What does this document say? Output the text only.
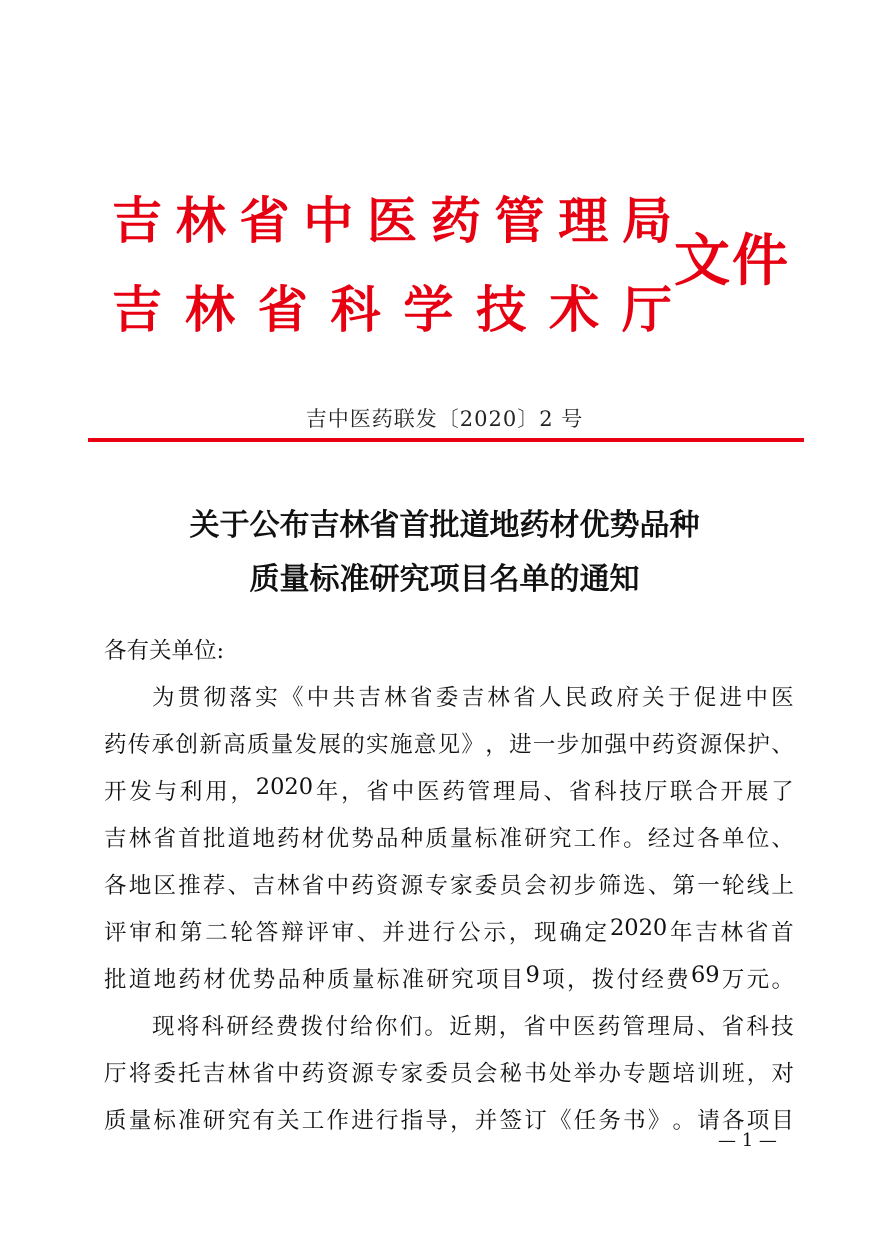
吉 林 省 中 医 药 管 理 局
吉 林 省 科 学 技 术 厅
文件
吉中医药联发〔2020〕2 号
关于公布吉林省首批道地药材优势品种
质量标准研究项目名单的通知
各有关单位:
为 贯 彻 落 实 《 中 共 吉 林 省 委 吉 林 省 人 民 政 府 关 于 促 进 中 医
药 传 承 创 新 高 质 量 发 展 的 实 施 意 见 》 ， 进 一 步 加 强 中 药 资 源 保 护 、
开 发 与 利 用 ， 2020 年 ， 省 中 医 药 管 理 局 、 省 科 技 厅 联 合 开 展 了
吉 林 省 首 批 道 地 药 材 优 势 品 种 质 量 标 准 研 究 工 作 。 经 过 各 单 位 、
各 地 区 推 荐 、 吉 林 省 中 药 资 源 专 家 委 员 会 初 步 筛 选 、 第 一 轮 线 上
评 审 和 第 二 轮 答 辩 评 审 、 并 进 行 公 示 ， 现 确 定 2020 年 吉 林 省 首
批 道 地 药 材 优 势 品 种 质 量 标 准 研 究 项 目 9 项 ， 拨 付 经 费 69 万 元 。
现 将 科 研 经 费 拨 付 给 你 们 。 近 期 ， 省 中 医 药 管 理 局 、 省 科 技
厅 将 委 托 吉 林 省 中 药 资 源 专 家 委 员 会 秘 书 处 举 办 专 题 培 训 班 ， 对
质 量 标 准 研 究 有 关 工 作 进 行 指 导 ， 并 签 订 《 任 务 书 》 。 请 各 项 目
— 1 —
